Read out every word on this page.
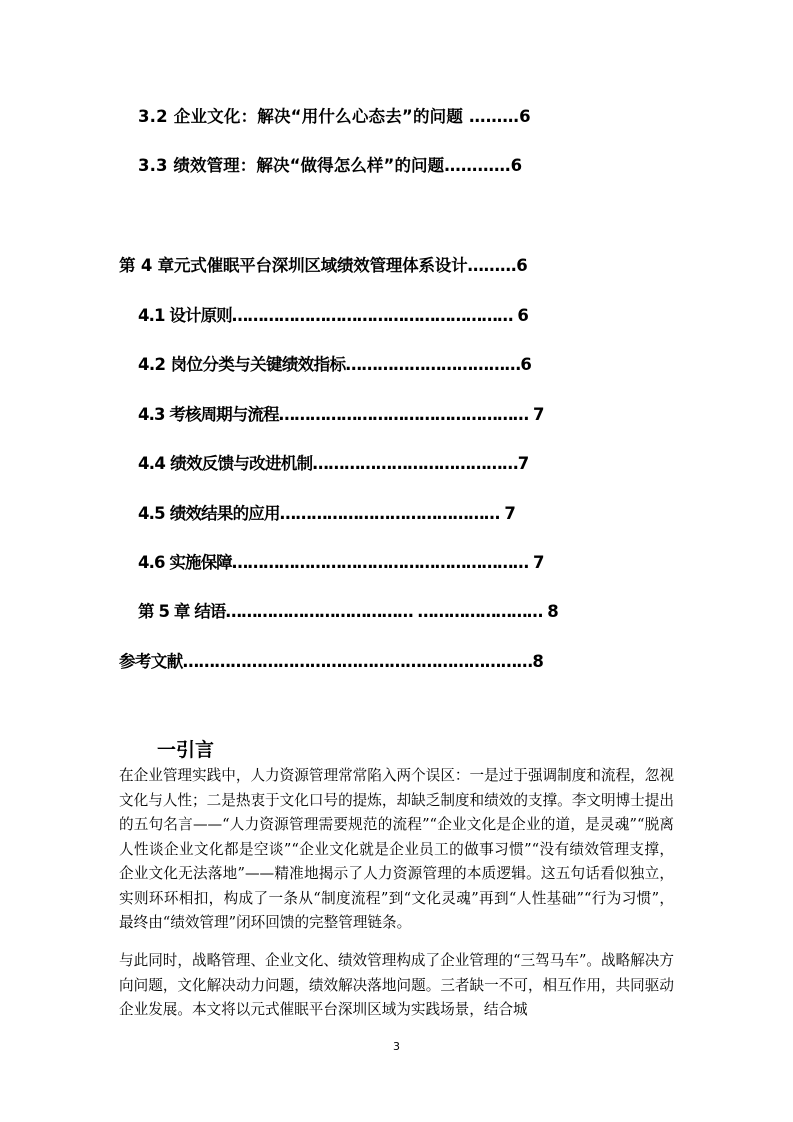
3.2 企业文化：解决“用什么心态去”的问题 ………6
3.3 绩效管理：解决“做得怎么样”的问题…………6
第 4 章元式催眠平台深圳区域绩效管理体系设计………6
4.1 设计原则……………………………………………… 6
4.2 岗位分类与关键绩效指标……………………………6
4.3 考核周期与流程………………………………………… 7
4.4 绩效反馈与改进机制…………………………………7
4.5 绩效结果的应用…………………………………… 7
4.6 实施保障………………………………………………… 7
第 5 章 结语……………………………… …………………… 8
参考文献…………………………………………………………8
一引言
在企业管理实践中，人力资源管理常常陷入两个误区：一是过于强调制度和流程，忽视文化与人性；二是热衷于文化口号的提炼，却缺乏制度和绩效的支撑。李文明博士提出的五句名言——“人力资源管理需要规范的流程”“企业文化是企业的道，是灵魂”“脱离人性谈企业文化都是空谈”“企业文化就是企业员工的做事习惯”“没有绩效管理支撑，企业文化无法落地”——精准地揭示了人力资源管理的本质逻辑。这五句话看似独立，实则环环相扣，构成了一条从“制度流程”到“文化灵魂”再到“人性基础”“行为习惯”，最终由“绩效管理”闭环回馈的完整管理链条。
与此同时，战略管理、企业文化、绩效管理构成了企业管理的“三驾马车”。战略解决方向问题，文化解决动力问题，绩效解决落地问题。三者缺一不可，相互作用，共同驱动企业发展。本文将以元式催眠平台深圳区域为实践场景，结合城
3
